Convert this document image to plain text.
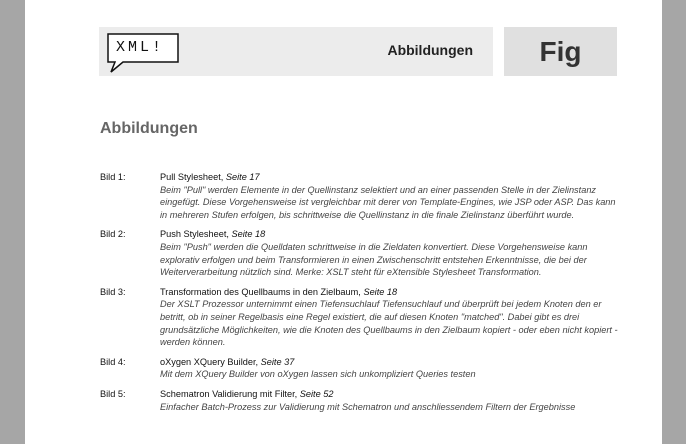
Abbildungen
XML!	Fig
Abbildungen
Bild 1:	Pull Stylesheet, Seite 17
Beim "Pull" werden Elemente in der Quellinstanz selektiert und an einer passenden Stelle in der Zielinstanz eingefügt. Diese Vorgehensweise ist vergleichbar mit derer von Template-Engines, wie JSP oder ASP. Das kann in mehreren Stufen erfolgen, bis schrittweise die Quellinstanz in die finale Zielinstanz überführt wurde.
Bild 2:	Push Stylesheet, Seite 18
Beim "Push" werden die Quelldaten schrittweise in die Zieldaten konvertiert. Diese Vorgehensweise kann explorativ erfolgen und beim Transformieren in einen Zwischenschritt entstehen Erkenntnisse, die bei der Weiterverarbeitung nützlich sind. Merke: XSLT steht für eXtensible Stylesheet Transformation.
Bild 3:	Transformation des Quellbaums in den Zielbaum, Seite 18
Der XSLT Prozessor unternimmt einen Tiefensuchlauf Tiefensuchlauf und überprüft bei jedem Knoten den er betritt, ob in seiner Regelbasis eine Regel existiert, die auf diesen Knoten "matched". Dabei gibt es drei grundsätzliche Möglichkeiten, wie die Knoten des Quellbaums in den Zielbaum kopiert - oder eben nicht kopiert - werden können.
Bild 4:	oXygen XQuery Builder, Seite 37
Mit dem XQuery Builder von oXygen lassen sich unkompliziert Queries testen
Bild 5:	Schematron Validierung mit Filter, Seite 52
Einfacher Batch-Prozess zur Validierung mit Schematron und anschliessendem Filtern der Ergebnisse
